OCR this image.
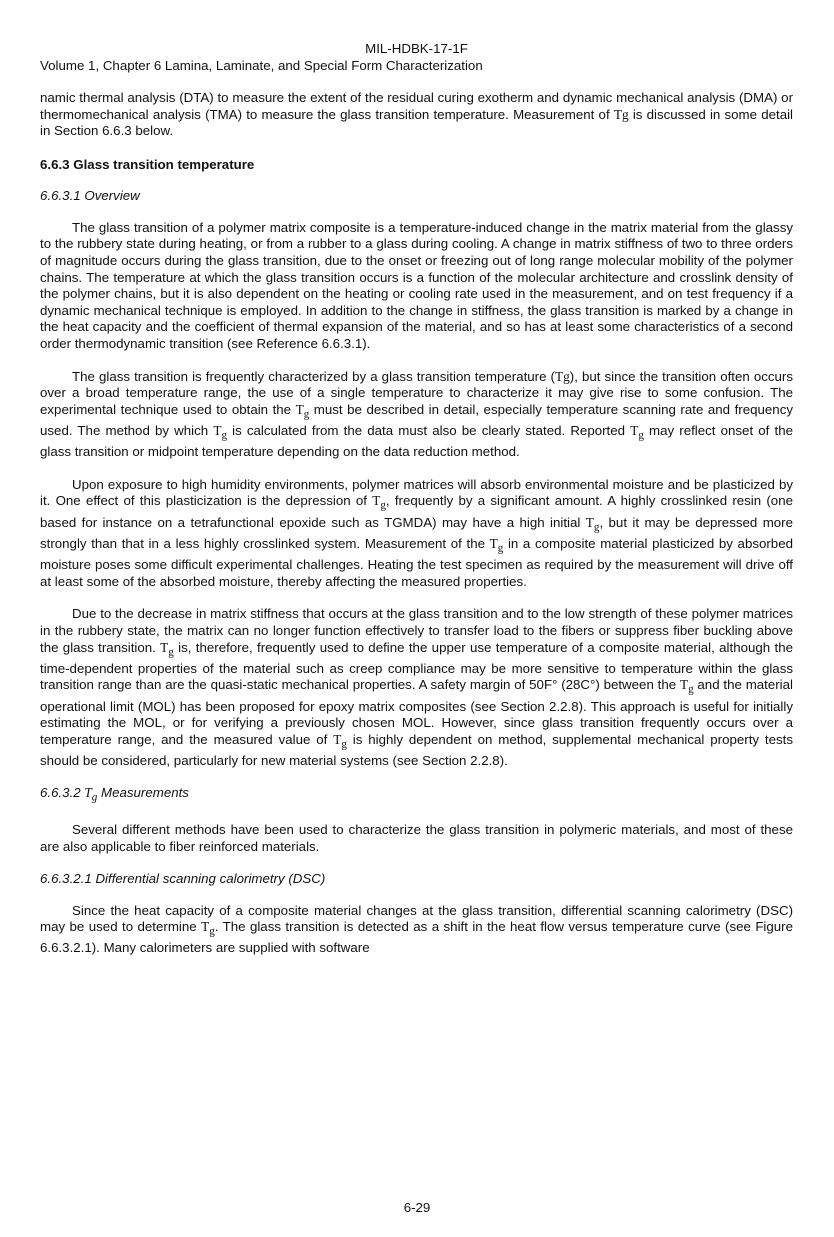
MIL-HDBK-17-1F
Volume 1, Chapter 6 Lamina, Laminate, and Special Form Characterization

namic thermal analysis (DTA) to measure the extent of the residual curing exotherm and dynamic mechanical analysis (DMA) or thermomechanical analysis (TMA) to measure the glass transition temperature. Measurement of Tg is discussed in some detail in Section 6.6.3 below.

6.6.3 Glass transition temperature
6.6.3.1 Overview

The glass transition of a polymer matrix composite is a temperature-induced change in the matrix material from the glassy to the rubbery state during heating, or from a rubber to a glass during cooling. A change in matrix stiffness of two to three orders of magnitude occurs during the glass transition, due to the onset or freezing out of long range molecular mobility of the polymer chains. The temperature at which the glass transition occurs is a function of the molecular architecture and crosslink density of the polymer chains, but it is also dependent on the heating or cooling rate used in the measurement, and on test frequency if a dynamic mechanical technique is employed. In addition to the change in stiffness, the glass transition is marked by a change in the heat capacity and the coefficient of thermal expansion of the material, and so has at least some characteristics of a second order thermodynamic transition (see Reference 6.6.3.1).

The glass transition is frequently characterized by a glass transition temperature (Tg), but since the transition often occurs over a broad temperature range, the use of a single temperature to characterize it may give rise to some confusion. The experimental technique used to obtain the $T_g$ must be described in detail, especially temperature scanning rate and frequency used. The method by which $T_g$ is calculated from the data must also be clearly stated. Reported $T_g$ may reflect onset of the glass transition or midpoint temperature depending on the data reduction method.

Upon exposure to high humidity environments, polymer matrices will absorb environmental moisture and be plasticized by it. One effect of this plasticization is the depression of $T_g$, frequently by a significant amount. A highly crosslinked resin (one based for instance on a tetrafunctional epoxide such as TGMDA) may have a high initial $T_g$, but it may be depressed more strongly than that in a less highly crosslinked system. Measurement of the $T_g$ in a composite material plasticized by absorbed moisture poses some difficult experimental challenges. Heating the test specimen as required by the measurement will drive off at least some of the absorbed moisture, thereby affecting the measured properties.

Due to the decrease in matrix stiffness that occurs at the glass transition and to the low strength of these polymer matrices in the rubbery state, the matrix can no longer function effectively to transfer load to the fibers or suppress fiber buckling above the glass transition. $T_g$ is, therefore, frequently used to define the upper use temperature of a composite material, although the time-dependent properties of the material such as creep compliance may be more sensitive to temperature within the glass transition range than are the quasi-static mechanical properties. A safety margin of 50F° (28C°) between the $T_g$ and the material operational limit (MOL) has been proposed for epoxy matrix composites (see Section 2.2.8). This approach is useful for initially estimating the MOL, or for verifying a previously chosen MOL. However, since glass transition frequently occurs over a temperature range, and the measured value of $T_g$ is highly dependent on method, supplemental mechanical property tests should be considered, particularly for new material systems (see Section 2.2.8).

6.6.3.2 $T_g$ Measurements

Several different methods have been used to characterize the glass transition in polymeric materials, and most of these are also applicable to fiber reinforced materials.

6.6.3.2.1 Differential scanning calorimetry (DSC)

Since the heat capacity of a composite material changes at the glass transition, differential scanning calorimetry (DSC) may be used to determine $T_g$. The glass transition is detected as a shift in the heat flow versus temperature curve (see Figure 6.6.3.2.1). Many calorimeters are supplied with software

6-29
